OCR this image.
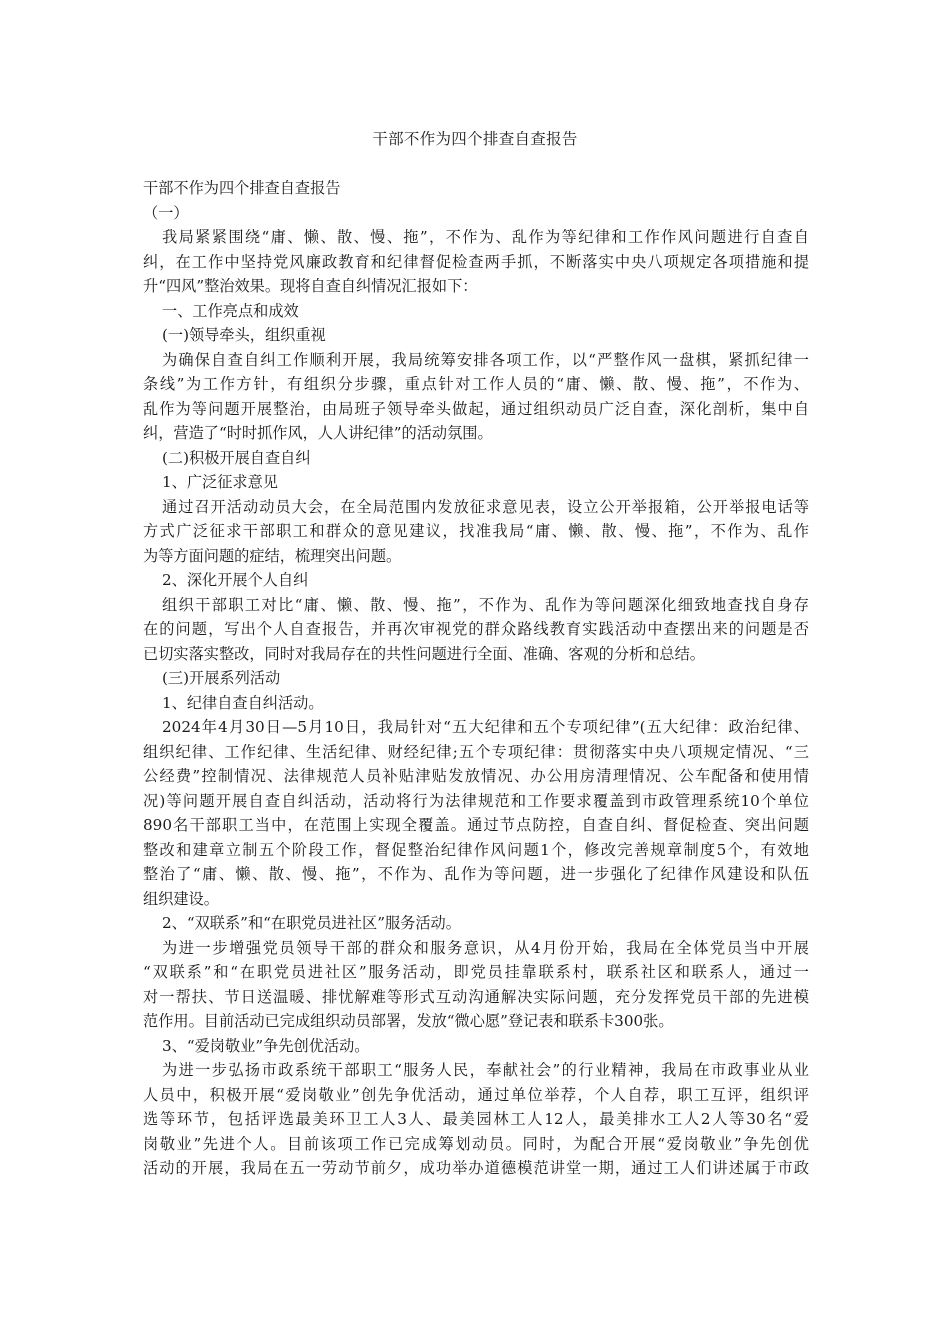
干部不作为四个排查自查报告
干部不作为四个排查自查报告
（一）
我局紧紧围绕“庸、懒、散、慢、拖”，不作为、乱作为等纪律和工作作风问题进行自查自
纠，在工作中坚持党风廉政教育和纪律督促检查两手抓，不断落实中央八项规定各项措施和提
升“四风”整治效果。现将自查自纠情况汇报如下：
一、工作亮点和成效
(一)领导牵头，组织重视
为确保自查自纠工作顺利开展，我局统筹安排各项工作，以“严整作风一盘棋，紧抓纪律一
条线”为工作方针，有组织分步骤，重点针对工作人员的“庸、懒、散、慢、拖”，不作为、
乱作为等问题开展整治，由局班子领导牵头做起，通过组织动员广泛自查，深化剖析，集中自
纠，营造了“时时抓作风，人人讲纪律”的活动氛围。
(二)积极开展自查自纠
1、广泛征求意见
通过召开活动动员大会，在全局范围内发放征求意见表，设立公开举报箱，公开举报电话等
方式广泛征求干部职工和群众的意见建议，找准我局“庸、懒、散、慢、拖”，不作为、乱作
为等方面问题的症结，梳理突出问题。
2、深化开展个人自纠
组织干部职工对比“庸、懒、散、慢、拖”，不作为、乱作为等问题深化细致地查找自身存
在的问题，写出个人自查报告，并再次审视党的群众路线教育实践活动中查摆出来的问题是否
已切实落实整改，同时对我局存在的共性问题进行全面、准确、客观的分析和总结。
(三)开展系列活动
1、纪律自查自纠活动。
2024年4月30日—5月10日，我局针对“五大纪律和五个专项纪律”(五大纪律：政治纪律、
组织纪律、工作纪律、生活纪律、财经纪律;五个专项纪律：贯彻落实中央八项规定情况、“三
公经费”控制情况、法律规范人员补贴津贴发放情况、办公用房清理情况、公车配备和使用情
况)等问题开展自查自纠活动，活动将行为法律规范和工作要求覆盖到市政管理系统10个单位
890名干部职工当中，在范围上实现全覆盖。通过节点防控，自查自纠、督促检查、突出问题
整改和建章立制五个阶段工作，督促整治纪律作风问题1个，修改完善规章制度5个，有效地
整治了“庸、懒、散、慢、拖”，不作为、乱作为等问题，进一步强化了纪律作风建设和队伍
组织建设。
2、“双联系”和“在职党员进社区”服务活动。
为进一步增强党员领导干部的群众和服务意识，从4月份开始，我局在全体党员当中开展
“双联系”和“在职党员进社区”服务活动，即党员挂靠联系村，联系社区和联系人，通过一
对一帮扶、节日送温暖、排忧解难等形式互动沟通解决实际问题，充分发挥党员干部的先进模
范作用。目前活动已完成组织动员部署，发放“微心愿”登记表和联系卡300张。
3、“爱岗敬业”争先创优活动。
为进一步弘扬市政系统干部职工“服务人民，奉献社会”的行业精神，我局在市政事业从业
人员中，积极开展“爱岗敬业”创先争优活动，通过单位举荐，个人自荐，职工互评，组织评
选等环节，包括评选最美环卫工人3人、最美园林工人12人，最美排水工人2人等30名“爱
岗敬业”先进个人。目前该项工作已完成筹划动员。同时，为配合开展“爱岗敬业”争先创优
活动的开展，我局在五一劳动节前夕，成功举办道德模范讲堂一期，通过工人们讲述属于市政
